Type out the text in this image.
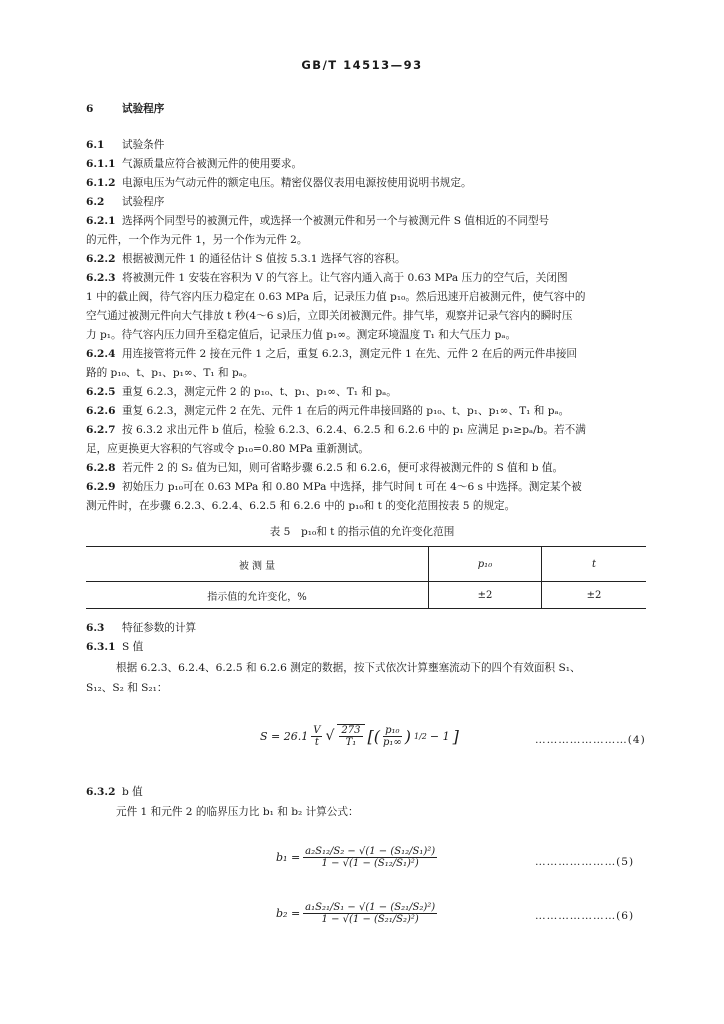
GB/T 14513—93
6	试验程序
6.1 试验条件
6.1.1 气源质量应符合被测元件的使用要求。
6.1.2 电源电压为气动元件的额定电压。精密仪器仪表用电源按使用说明书规定。
6.2 试验程序
6.2.1 选择两个同型号的被测元件，或选择一个被测元件和另一个与被测元件 S 值相近的不同型号
的元件，一个作为元件 1，另一个作为元件 2。
6.2.2 根据被测元件 1 的通径估计 S 值按 5.3.1 选择气容的容积。
6.2.3 将被测元件 1 安装在容积为 V 的气容上。让气容内通入高于 0.63 MPa 压力的空气后，关闭图
1 中的截止阀，待气容内压力稳定在 0.63 MPa 后，记录压力值 p₁₀。然后迅速开启被测元件，使气容中的
空气通过被测元件向大气排放 t 秒(4～6 s)后，立即关闭被测元件。排气毕，观察并记录气容内的瞬时压
力 p₁。待气容内压力回升至稳定值后，记录压力值 p₁∞。测定环境温度 T₁ 和大气压力 pₐ。
6.2.4 用连接管将元件 2 接在元件 1 之后，重复 6.2.3，测定元件 1 在先、元件 2 在后的两元件串接回
路的 p₁₀、t、p₁、p₁∞、T₁ 和 pₐ。
6.2.5 重复 6.2.3，测定元件 2 的 p₁₀、t、p₁、p₁∞、T₁ 和 pₐ。
6.2.6 重复 6.2.3，测定元件 2 在先、元件 1 在后的两元件串接回路的 p₁₀、t、p₁、p₁∞、T₁ 和 pₐ。
6.2.7 按 6.3.2 求出元件 b 值后，检验 6.2.3、6.2.4、6.2.5 和 6.2.6 中的 p₁ 应满足 p₁≥pₐ/b。若不满
足，应更换更大容积的气容或令 p₁₀=0.80 MPa 重新测试。
6.2.8 若元件 2 的 S₂ 值为已知，则可省略步骤 6.2.5 和 6.2.6，便可求得被测元件的 S 值和 b 值。
6.2.9 初始压力 p₁₀可在 0.63 MPa 和 0.80 MPa 中选择，排气时间 t 可在 4～6 s 中选择。测定某个被
测元件时，在步骤 6.2.3、6.2.4、6.2.5 和 6.2.6 中的 p₁₀和 t 的变化范围按表 5 的规定。
表 5　p₁₀和 t 的指示值的允许变化范围
被 测 量	p₁₀	t
指示值的允许变化，%	±2	±2
6.3 特征参数的计算
6.3.1 S 值
根据 6.2.3、6.2.4、6.2.5 和 6.2.6 测定的数据，按下式依次计算壅塞流动下的四个有效面积 S₁、
S₁₂、S₂ 和 S₂₁：
6.3.2 b 值
元件 1 和元件 2 的临界压力比 b₁ 和 b₂ 计算公式：
$S = 26.1 \frac{V}{t}$ √ $\frac{273}{\text{T₁}}$ [( $\frac{\text{p₁₀}}{\text{p₁∞}}$ ) 1/2 − 1 ]	……………………(4)
$b_1 = \frac{\text{a₂S₁₂/S₂ − √(1 − (S₁₂/S₁)²)}}{\text{1 − √(1 − (S₁₂/S₁)²)}}$	…………………(5)
$b_2 = \frac{\text{a₁S₂₁/S₁ − √(1 − (S₂₁/S₂)²)}}{\text{1 − √(1 − (S₂₁/S₂)²)}}$	…………………(6)
